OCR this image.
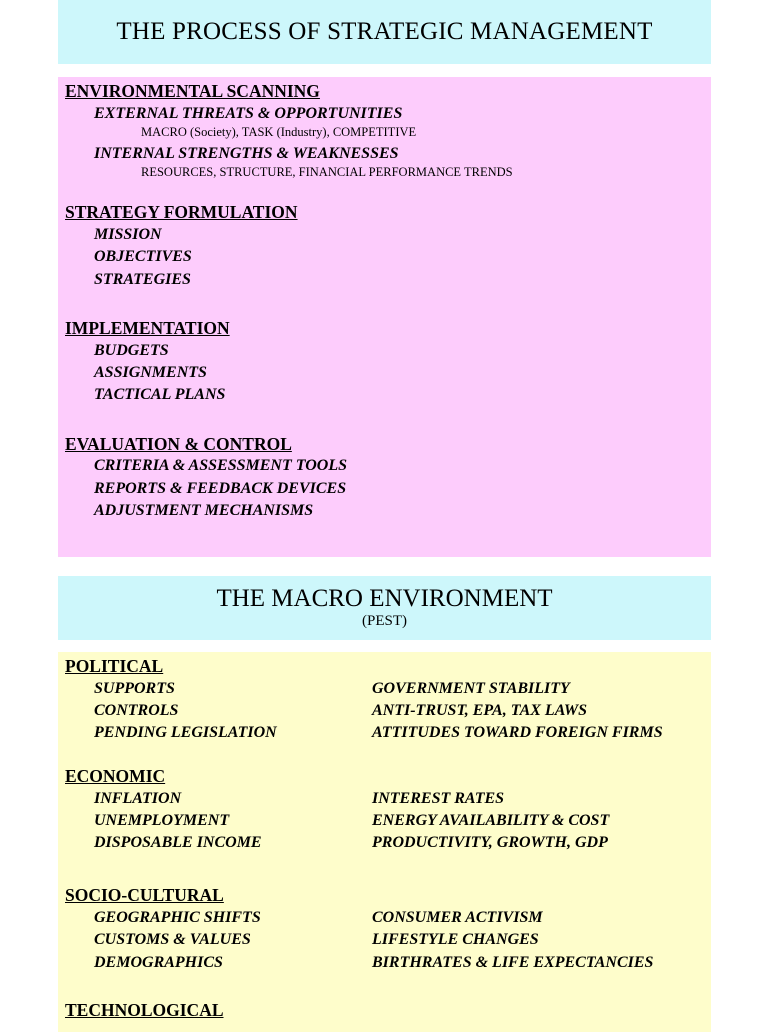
THE PROCESS OF STRATEGIC MANAGEMENT
ENVIRONMENTAL SCANNING
EXTERNAL THREATS & OPPORTUNITIES
MACRO (Society), TASK (Industry), COMPETITIVE
INTERNAL STRENGTHS & WEAKNESSES
RESOURCES, STRUCTURE, FINANCIAL PERFORMANCE TRENDS
STRATEGY FORMULATION
MISSION
OBJECTIVES
STRATEGIES
IMPLEMENTATION
BUDGETS
ASSIGNMENTS
TACTICAL PLANS
EVALUATION & CONTROL
CRITERIA & ASSESSMENT TOOLS
REPORTS & FEEDBACK DEVICES
ADJUSTMENT MECHANISMS
THE MACRO ENVIRONMENT
(PEST)
POLITICAL
SUPPORTS	GOVERNMENT STABILITY
CONTROLS	ANTI-TRUST, EPA, TAX LAWS
PENDING LEGISLATION	ATTITUDES TOWARD FOREIGN FIRMS
ECONOMIC
INFLATION	INTEREST RATES
UNEMPLOYMENT	ENERGY AVAILABILITY & COST
DISPOSABLE INCOME	PRODUCTIVITY, GROWTH, GDP
SOCIO-CULTURAL
GEOGRAPHIC SHIFTS	CONSUMER ACTIVISM
CUSTOMS & VALUES	LIFESTYLE CHANGES
DEMOGRAPHICS	BIRTHRATES & LIFE EXPECTANCIES
TECHNOLOGICAL
